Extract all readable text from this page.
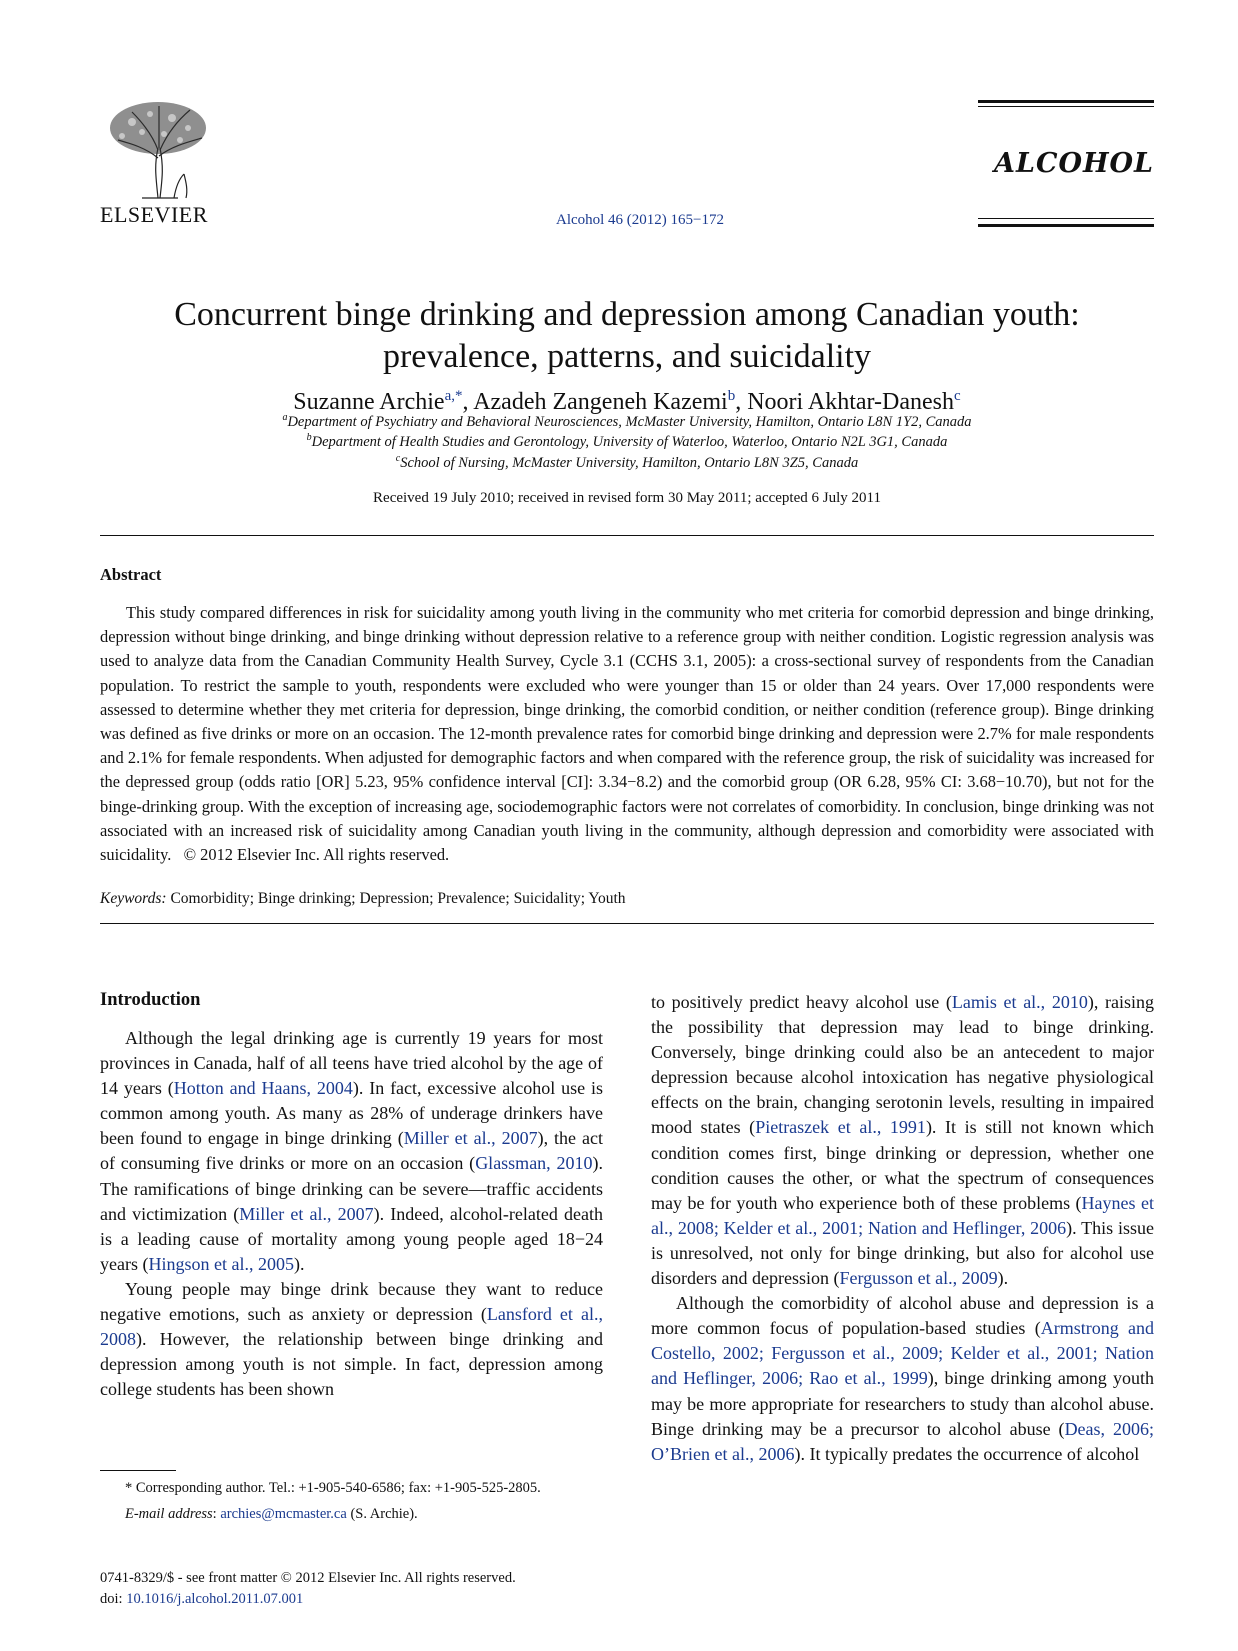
ELSEVIER	Alcohol 46 (2012) 165−172
ALCOHOL
Concurrent binge drinking and depression among Canadian youth:
prevalence, patterns, and suicidality
Suzanne Archie$^{a,*}$, Azadeh Zangeneh Kazemi$^b$, Noori Akhtar-Danesh$^c$
$^a$Department of Psychiatry and Behavioral Neurosciences, McMaster University, Hamilton, Ontario L8N 1Y2, Canada
$^b$Department of Health Studies and Gerontology, University of Waterloo, Waterloo, Ontario N2L 3G1, Canada
$^c$School of Nursing, McMaster University, Hamilton, Ontario L8N 3Z5, Canada
Received 19 July 2010; received in revised form 30 May 2011; accepted 6 July 2011
Abstract
This study compared differences in risk for suicidality among youth living in the community who met criteria for comorbid depression and binge drinking, depression without binge drinking, and binge drinking without depression relative to a reference group with neither condition. Logistic regression analysis was used to analyze data from the Canadian Community Health Survey, Cycle 3.1 (CCHS 3.1, 2005): a cross-sectional survey of respondents from the Canadian population. To restrict the sample to youth, respondents were excluded who were younger than 15 or older than 24 years. Over 17,000 respondents were assessed to determine whether they met criteria for depression, binge drinking, the comorbid condition, or neither condition (reference group). Binge drinking was defined as five drinks or more on an occasion. The 12-month prevalence rates for comorbid binge drinking and depression were 2.7% for male respondents and 2.1% for female respondents. When adjusted for demographic factors and when compared with the reference group, the risk of suicidality was increased for the depressed group (odds ratio [OR] 5.23, 95% confidence interval [CI]: 3.34−8.2) and the comorbid group (OR 6.28, 95% CI: 3.68−10.70), but not for the binge-drinking group. With the exception of increasing age, sociodemographic factors were not correlates of comorbidity. In conclusion, binge drinking was not associated with an increased risk of suicidality among Canadian youth living in the community, although depression and comorbidity were associated with suicidality. © 2012 Elsevier Inc. All rights reserved.
Keywords: Comorbidity; Binge drinking; Depression; Prevalence; Suicidality; Youth
Introduction

Although the legal drinking age is currently 19 years for most provinces in Canada, half of all teens have tried alcohol by the age of 14 years (Hotton and Haans, 2004). In fact, excessive alcohol use is common among youth. As many as 28% of underage drinkers have been found to engage in binge drinking (Miller et al., 2007), the act of consuming five drinks or more on an occasion (Glassman, 2010). The ramifications of binge drinking can be severe—traffic accidents and victimization (Miller et al., 2007). Indeed, alcohol-related death is a leading cause of mortality among young people aged 18−24 years (Hingson et al., 2005).

Young people may binge drink because they want to reduce negative emotions, such as anxiety or depression (Lansford et al., 2008). However, the relationship between binge drinking and depression among youth is not simple. In fact, depression among college students has been shown

to positively predict heavy alcohol use (Lamis et al., 2010), raising the possibility that depression may lead to binge drinking. Conversely, binge drinking could also be an antecedent to major depression because alcohol intoxication has negative physiological effects on the brain, changing serotonin levels, resulting in impaired mood states (Pietraszek et al., 1991). It is still not known which condition comes first, binge drinking or depression, whether one condition causes the other, or what the spectrum of consequences may be for youth who experience both of these problems (Haynes et al., 2008; Kelder et al., 2001; Nation and Heflinger, 2006). This issue is unresolved, not only for binge drinking, but also for alcohol use disorders and depression (Fergusson et al., 2009).

Although the comorbidity of alcohol abuse and depression is a more common focus of population-based studies (Armstrong and Costello, 2002; Fergusson et al., 2009; Kelder et al., 2001; Nation and Heflinger, 2006; Rao et al., 1999), binge drinking among youth may be more appropriate for researchers to study than alcohol abuse. Binge drinking may be a precursor to alcohol abuse (Deas, 2006; O’Brien et al., 2006). It typically predates the occurrence of alcohol

* Corresponding author. Tel.: +1-905-540-6586; fax: +1-905-525-2805.

E-mail address: archies@mcmaster.ca (S. Archie).

0741-8329/$ - see front matter © 2012 Elsevier Inc. All rights reserved.

doi: 10.1016/j.alcohol.2011.07.001
